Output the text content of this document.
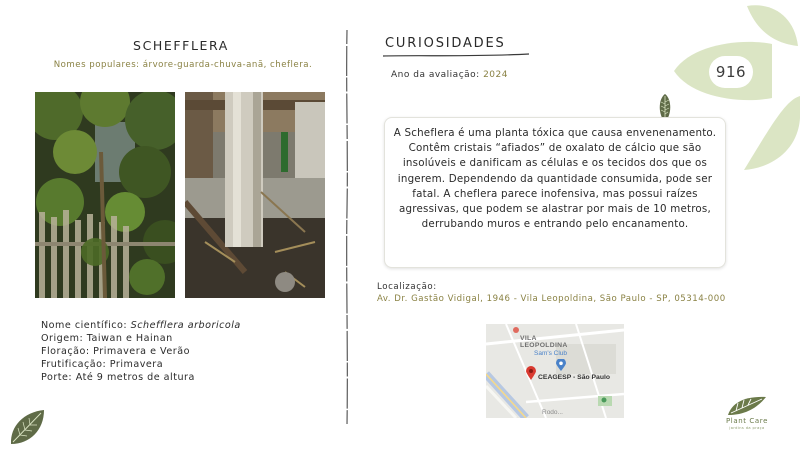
916
SCHEFFLERA
Nomes populares: árvore-guarda-chuva-anã, cheflera.
Nome científico: Schefflera arboricola
Origem: Taiwan e Hainan
Floração: Primavera e Verão
Frutificação: Primavera
Porte: Até 9 metros de altura
CURIOSIDADES
Ano da avaliação: 2024
A Scheflera é uma planta tóxica que causa envenenamento. Contêm cristais “afiados” de oxalato de cálcio que são insolúveis e danificam as células e os tecidos dos que os ingerem. Dependendo da quantidade consumida, pode ser fatal. A cheflera parece inofensiva, mas possui raízes agressivas, que podem se alastrar por mais de 10 metros, derrubando muros e entrando pelo encanamento.
Localização:
Av. Dr. Gastão Vidigal, 1946 - Vila Leopoldina, São Paulo - SP, 05314-000
VILA
LEOPOLDINA
Sam's Club
CEAGESP - São Paulo
Rodo...
Plant Care
jardins da praça
